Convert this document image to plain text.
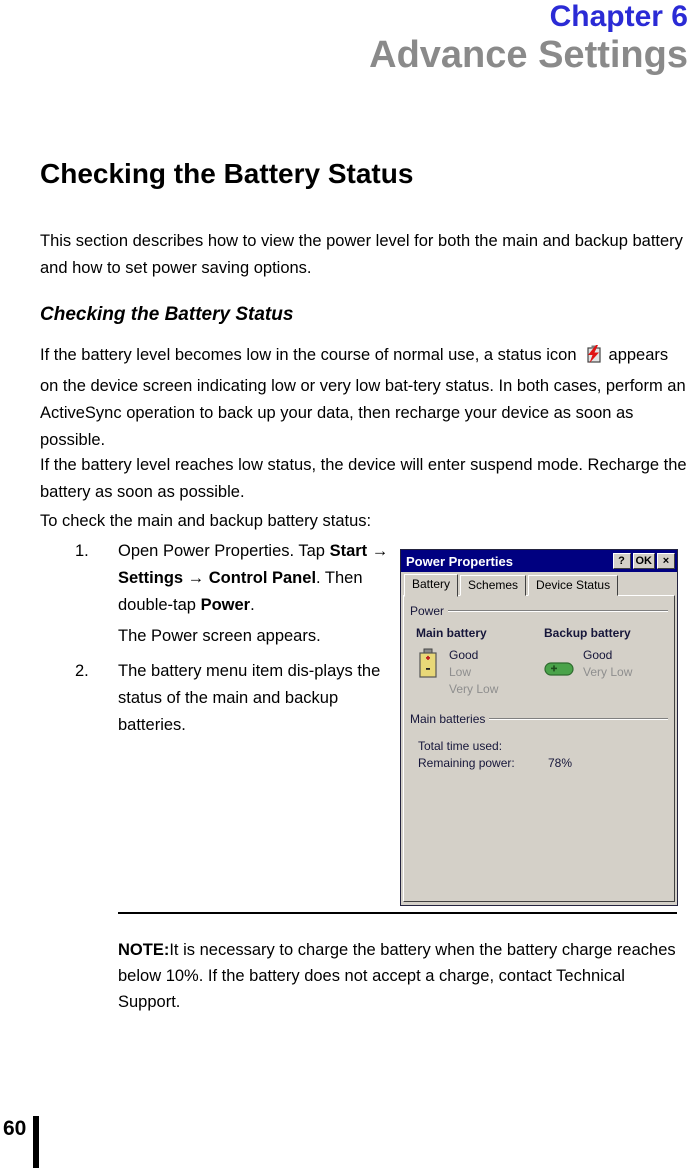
Chapter 6
Advance Settings
Checking the Battery Status

This section describes how to view the power level for both the main and backup battery and how to set power saving options.

Checking the Battery Status

If the battery level becomes low in the course of normal use, a status icon appears on the device screen indicating low or very low bat-tery status. In both cases, perform an ActiveSync operation to back up your data, then recharge your device as soon as possible.

If the battery level reaches low status, the device will enter suspend mode. Recharge the battery as soon as possible.

To check the main and backup battery status:

1.	Open Power Properties. Tap Start → Settings → Control Panel. Then double-tap Power.

The Power screen appears.

2.	The battery menu item dis-plays the status of the main and backup batteries.

Power Properties	? OK ×
Battery	Schemes	Device Status
Power
Main battery
Good
Low
Very Low
Backup battery
Good
Very Low
Main batteries
Total time used:
Remaining power:	78%

NOTE:It is necessary to charge the battery when the battery charge reaches below 10%. If the battery does not accept a charge, contact Technical Support.

60
